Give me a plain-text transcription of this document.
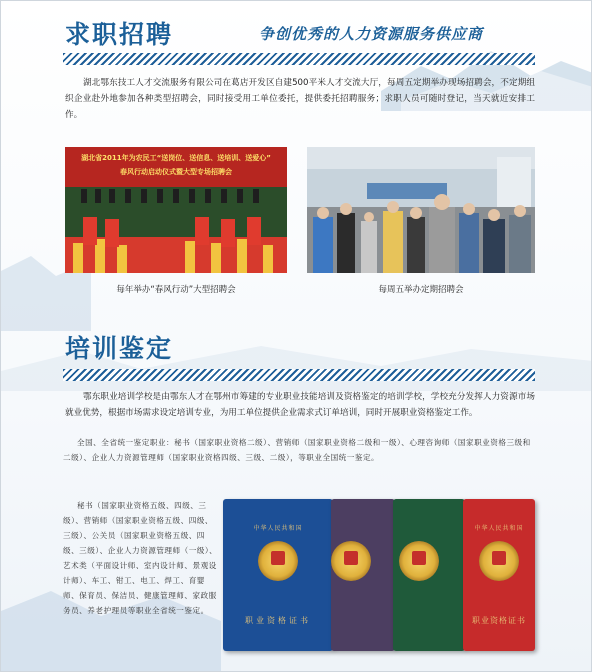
求职招聘	争创优秀的人力资源服务供应商
湖北鄂东技工人才交流服务有限公司在葛店开发区自建500平米人才交流大厅，每周五定期举办现场招聘会，不定期组织企业赴外地参加各种类型招聘会，同时接受用工单位委托，提供委托招聘服务；求职人员可随时登记，当天就近安排工作。
湖北省2011年为农民工“送岗位、送信息、送培训、送爱心”
春风行动启动仪式暨大型专场招聘会
每年举办“春风行动”大型招聘会	每周五举办定期招聘会
培训鉴定
鄂东职业培训学校是由鄂东人才在鄂州市筹建的专业职业技能培训及资格鉴定的培训学校，学校充分发挥人力资源市场就业优势，根据市场需求设定培训专业，为用工单位提供企业需求式订单培训，同时开展职业资格鉴定工作。
全国、全省统一鉴定职业：秘书（国家职业资格二级）、营销师（国家职业资格二级和一级）、心理咨询师（国家职业资格三级和二级）、企业人力资源管理师（国家职业资格四级、三级、二级），等职业全国统一鉴定。
秘书（国家职业资格五级、四级、三级）、营销师（国家职业资格五级、四级、三级）、公关员（国家职业资格五级、四级、三级）、企业人力资源管理师（一级）、艺术类（平面设计师、室内设计师、景观设计师）、车工、钳工、电工、焊工、育婴师、保育员、保洁员、健康管理师、家政服务员、养老护理员等职业全省统一鉴定。
中华人民共和国
职业资格证书
中华人民共和国
职业资格证书
